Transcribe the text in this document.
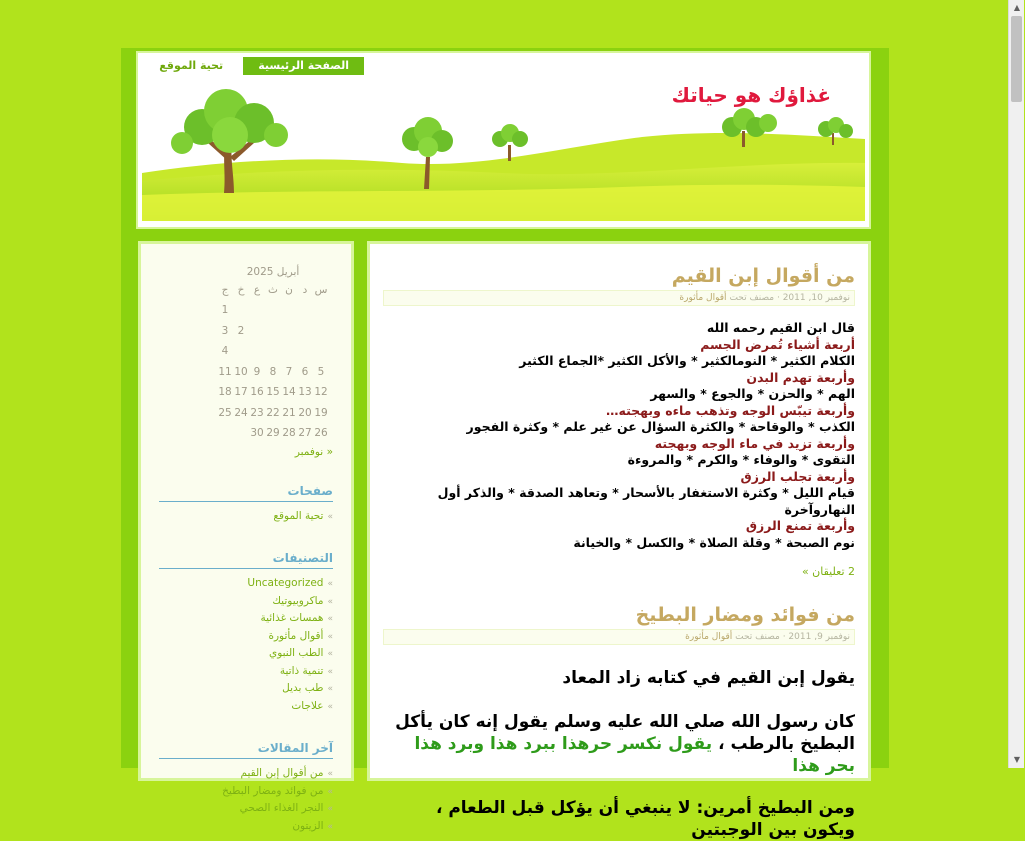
▲
▼
الصفحة الرئيسية
تحية الموقع
غذاؤك هو حياتك
من أقوال إبن القيم
نوفمبر 10, 2011 · مصنف تحت أقوال مأثورة
قال ابن القيم رحمه الله
أربعة أشياء تُمرض الجسم
الكلام الكثير * النومالكثير * والأكل الكثير *الجماع الكثير
وأربعة تهدم البدن
الهم * والحزن * والجوع * والسهر
وأربعة تيبّس الوجه وتذهب ماءه وبهجته…
الكذب * والوقاحة * والكثرة السؤال عن غير علم * وكثرة الفجور
وأربعة تزيد في ماء الوجه وبهجته
التقوى * والوفاء * والكرم * والمروءة
وأربعة تجلب الرزق
قيام الليل * وكثرة الاستغفار بالأسحار * وتعاهد الصدقة * والذكر أول النهاروآخرة
وأربعة تمنع الرزق
نوم الصبحة * وقلة الصلاة * والكسل * والخيانة
2 تعليقان »
من فوائد ومضار البطيخ
نوفمبر 9, 2011 · مصنف تحت أقوال مأثورة
يقول إبن القيم في كتابه زاد المعاد
كان رسول الله صلي الله عليه وسلم يقول إنه كان يأكل البطيخ بالرطب ، يقول نكسر حرهذا ببرد هذا وبرد هذا بحر هذا
ومن البطيخ أمرين: لا ينبغي أن يؤكل قبل الطعام ، ويكون بين الوجبتين
أبريل 2025
س	د	ن	ث	ع	خ	ج
						1
					2	3
						4
5	6	7	8	9	10	11
12	13	14	15	16	17	18
19	20	21	22	23	24	25
26	27	28	29	30		
« نوفمبر
صفحات
»تحية الموقع
التصنيفات
»Uncategorized
»ماكروبيوتيك
»همسات غذائية
»أقوال مأثورة
»الطب النبوي
»تنمية ذاتية
»طب بديل
»علاجات
آخر المقالات
»من أقوال إبن القيم
»من فوائد ومضار البطيخ
»النجر الغذاء الصحي
»الزيتون
